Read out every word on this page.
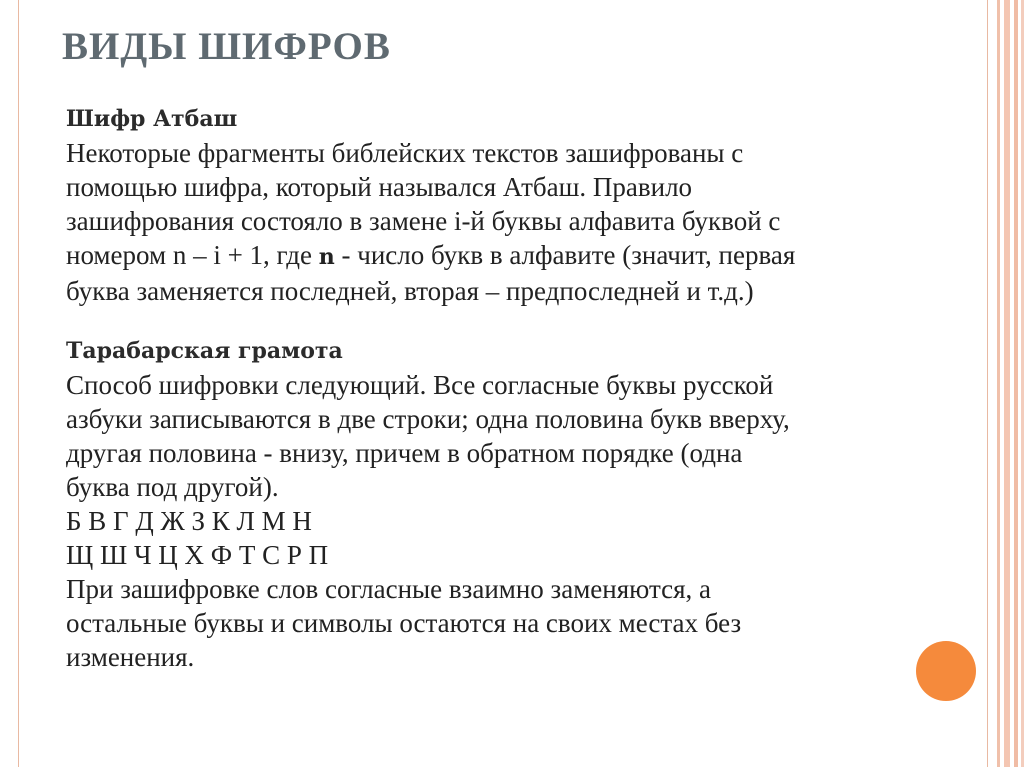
ВИДЫ ШИФРОВ
Шифр Атбаш

Некоторые фрагменты библейских текстов зашифрованы с

помощью шифра, который назывался Атбаш. Правило

зашифрования состояло в замене i-й буквы алфавита буквой с

номером n – i + 1, где n - число букв в алфавите (значит, первая

буква заменяется последней, вторая – предпоследней и т.д.)

Тарабарская грамота

Способ шифровки следующий. Все согласные буквы русской

азбуки записываются в две строки; одна половина букв вверху,

другая половина - внизу, причем в обратном порядке (одна

буква под другой).

Б В Г Д Ж З К Л М Н

Щ Ш Ч Ц Х Ф Т С Р П

При зашифровке слов согласные взаимно заменяются, а

остальные буквы и символы остаются на своих местах без

изменения.
